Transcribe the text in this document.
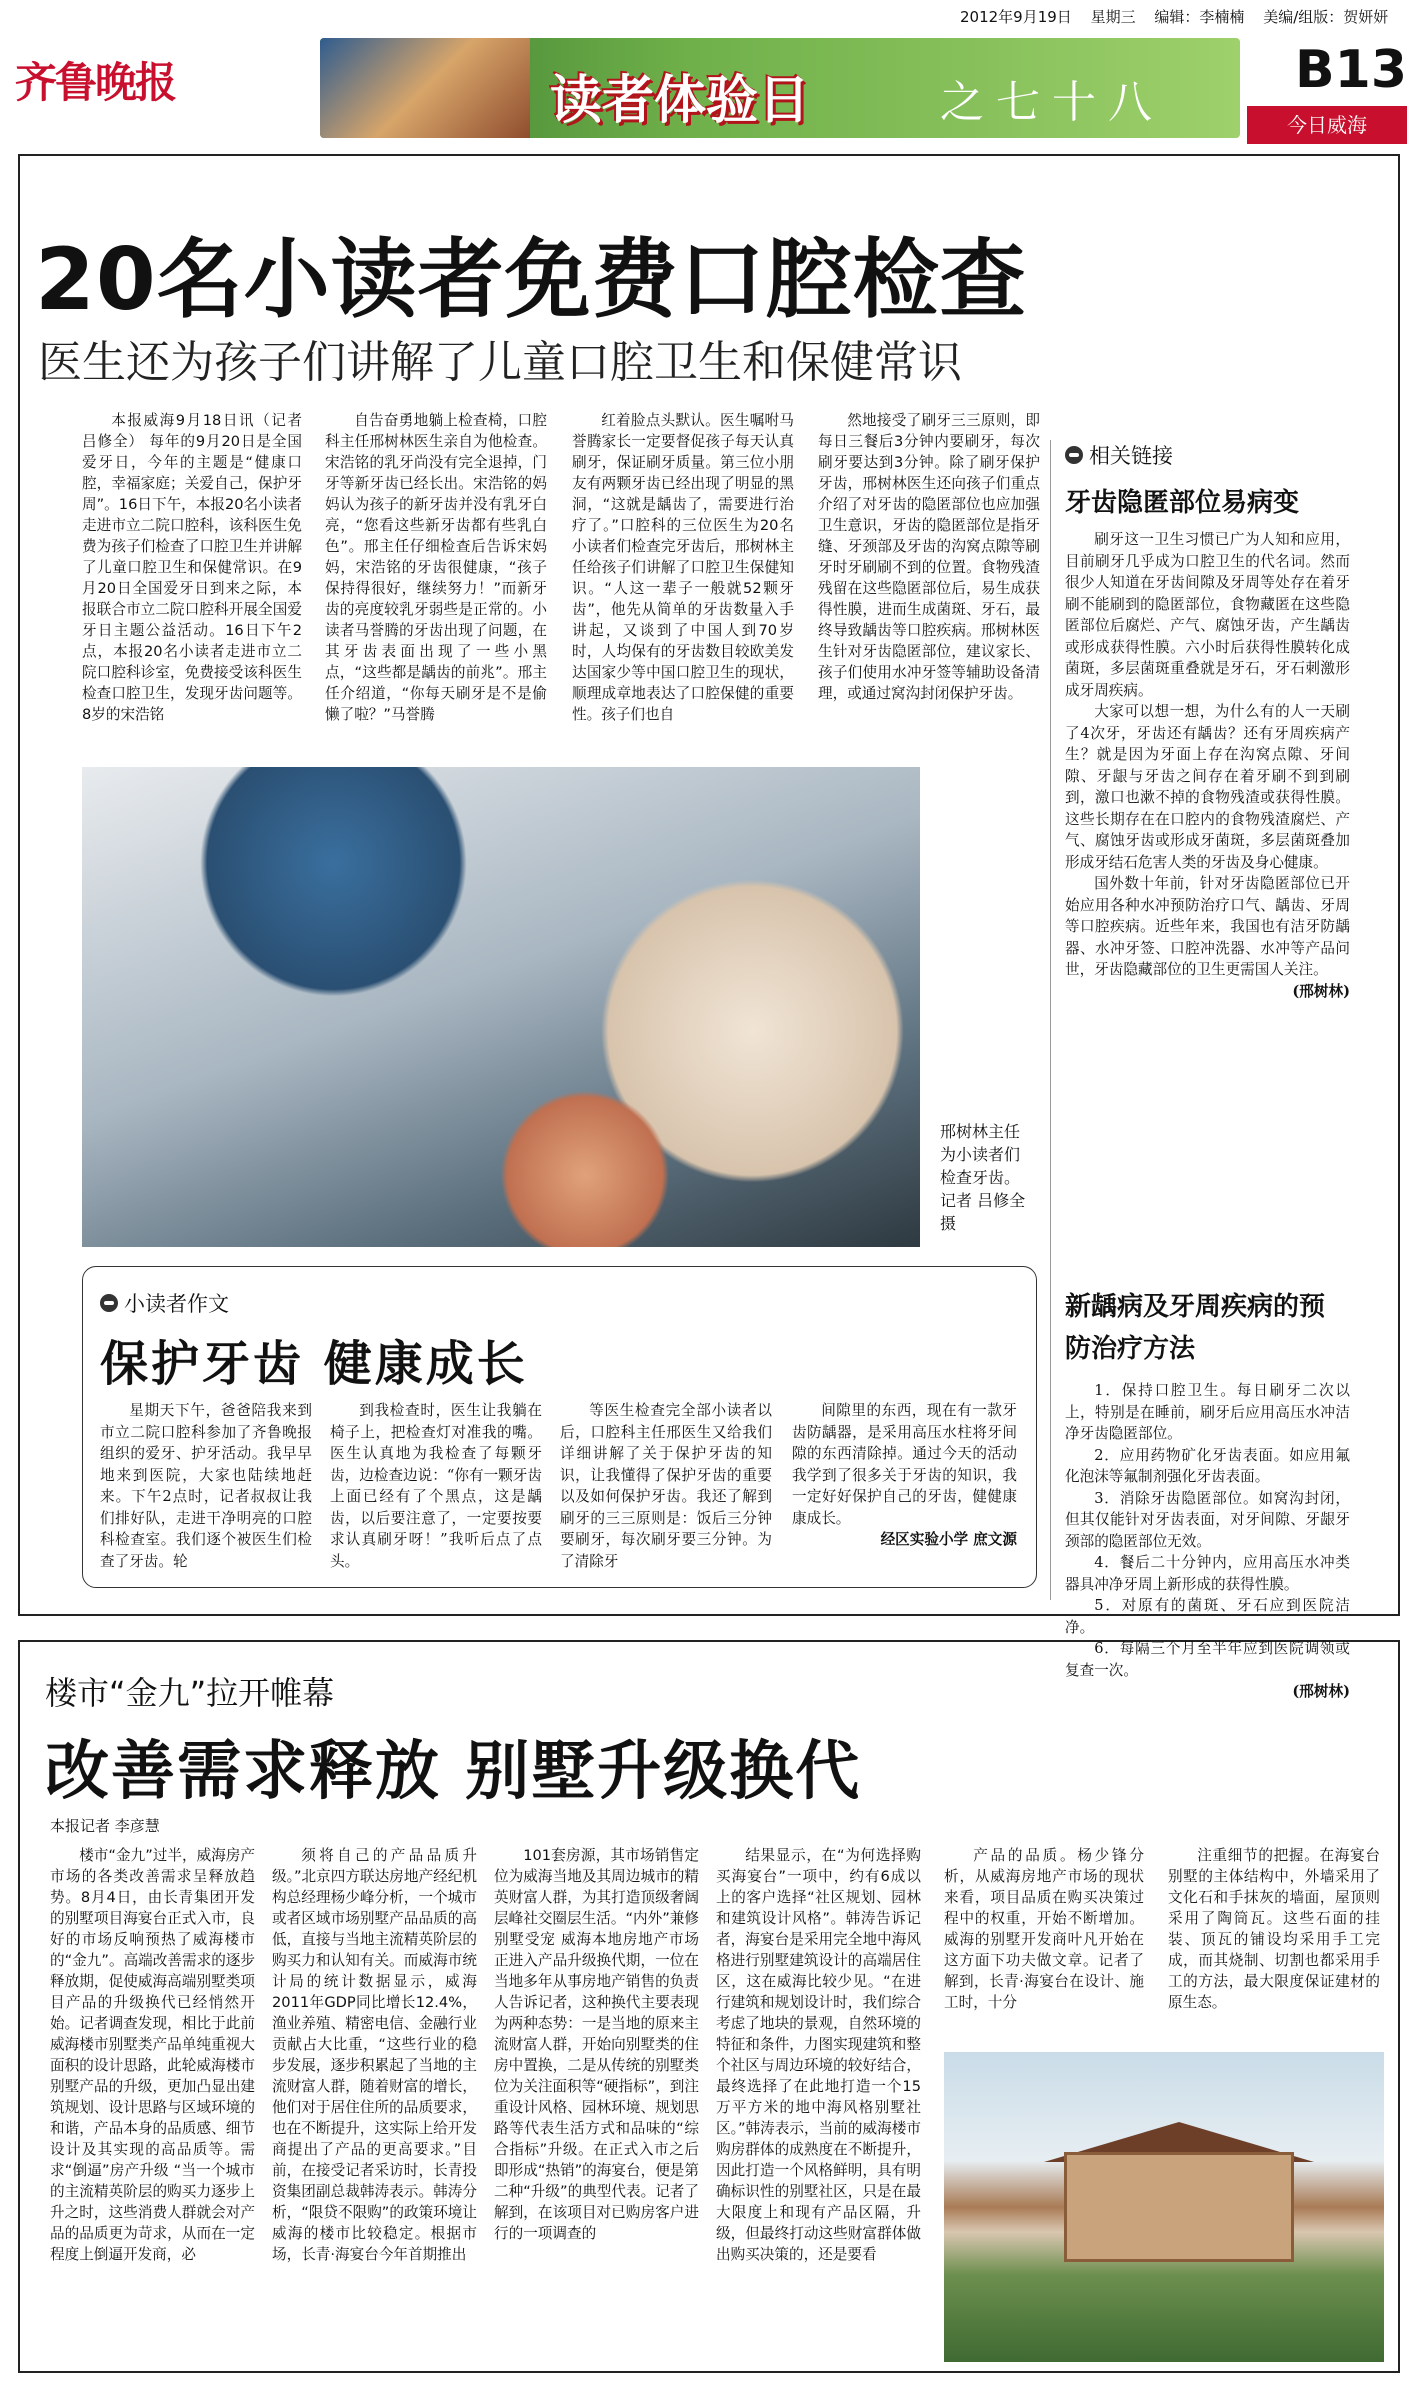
2012年9月19日 星期三 编辑：李楠楠 美编/组版：贺妍妍
齐鲁晚报	读者体验日	之七十八
B13
今日威海
20名小读者免费口腔检查
医生还为孩子们讲解了儿童口腔卫生和保健常识

本报威海9月18日讯（记者 吕修全） 每年的9月20日是全国爱牙日，今年的主题是“健康口腔，幸福家庭；关爱自己，保护牙周”。16日下午，本报20名小读者走进市立二院口腔科，该科医生免费为孩子们检查了口腔卫生并讲解了儿童口腔卫生和保健常识。在9月20日全国爱牙日到来之际，本报联合市立二院口腔科开展全国爱牙日主题公益活动。16日下午2点，本报20名小读者走进市立二院口腔科诊室，免费接受该科医生检查口腔卫生，发现牙齿问题等。8岁的宋浩铭

自告奋勇地躺上检查椅，口腔科主任邢树林医生亲自为他检查。宋浩铭的乳牙尚没有完全退掉，门牙等新牙齿已经长出。宋浩铭的妈妈认为孩子的新牙齿并没有乳牙白亮，“您看这些新牙齿都有些乳白色”。邢主任仔细检查后告诉宋妈妈，宋浩铭的牙齿很健康，“孩子保持得很好，继续努力！”而新牙齿的亮度较乳牙弱些是正常的。小读者马誉腾的牙齿出现了问题，在其牙齿表面出现了一些小黑点，“这些都是龋齿的前兆”。邢主任介绍道，“你每天刷牙是不是偷懒了啦？”马誉腾

红着脸点头默认。医生嘱咐马誉腾家长一定要督促孩子每天认真刷牙，保证刷牙质量。第三位小朋友有两颗牙齿已经出现了明显的黑洞，“这就是龋齿了，需要进行治疗了。”口腔科的三位医生为20名小读者们检查完牙齿后，邢树林主任给孩子们讲解了口腔卫生保健知识。“人这一辈子一般就52颗牙齿”，他先从简单的牙齿数量入手讲起，又谈到了中国人到70岁时，人均保有的牙齿数目较欧美发达国家少等中国口腔卫生的现状，顺理成章地表达了口腔保健的重要性。孩子们也自

然地接受了刷牙三三原则，即每日三餐后3分钟内要刷牙，每次刷牙要达到3分钟。除了刷牙保护牙齿，邢树林医生还向孩子们重点介绍了对牙齿的隐匿部位也应加强卫生意识，牙齿的隐匿部位是指牙缝、牙颈部及牙齿的沟窝点隙等刷牙时牙刷刷不到的位置。食物残渣残留在这些隐匿部位后，易生成获得性膜，进而生成菌斑、牙石，最终导致龋齿等口腔疾病。邢树林医生针对牙齿隐匿部位，建议家长、孩子们使用水冲牙签等辅助设备清理，或通过窝沟封闭保护牙齿。

邢树林主任为小读者们检查牙齿。记者 吕修全 摄
相关链接
牙齿隐匿部位易病变

刷牙这一卫生习惯已广为人知和应用，目前刷牙几乎成为口腔卫生的代名词。然而很少人知道在牙齿间隙及牙周等处存在着牙刷不能刷到的隐匿部位，食物藏匿在这些隐匿部位后腐烂、产气、腐蚀牙齿，产生龋齿或形成获得性膜。六小时后获得性膜转化成菌斑，多层菌斑重叠就是牙石，牙石刺激形成牙周疾病。

大家可以想一想，为什么有的人一天刷了4次牙，牙齿还有龋齿？还有牙周疾病产生？就是因为牙面上存在沟窝点隙、牙间隙、牙龈与牙齿之间存在着牙刷不到到刷到，激口也漱不掉的食物残渣或获得性膜。这些长期存在在口腔内的食物残渣腐烂、产气、腐蚀牙齿或形成牙菌斑，多层菌斑叠加形成牙结石危害人类的牙齿及身心健康。

国外数十年前，针对牙齿隐匿部位已开始应用各种水冲预防治疗口气、龋齿、牙周等口腔疾病。近些年来，我国也有洁牙防龋器、水冲牙签、口腔冲洗器、水冲等产品问世，牙齿隐藏部位的卫生更需国人关注。

(邢树林)
新龋病及牙周疾病的预防治疗方法

1．保持口腔卫生。每日刷牙二次以上，特别是在睡前，刷牙后应用高压水冲洁净牙齿隐匿部位。

2．应用药物矿化牙齿表面。如应用氟化泡沫等氟制剂强化牙齿表面。

3．消除牙齿隐匿部位。如窝沟封闭，但其仅能针对牙齿表面，对牙间隙、牙龈牙颈部的隐匿部位无效。

4．餐后二十分钟内，应用高压水冲类器具冲净牙周上新形成的获得性膜。

5．对原有的菌斑、牙石应到医院洁净。

6．每隔三个月至半年应到医院调领或复查一次。

(邢树林)
小读者作文
保护牙齿 健康成长

星期天下午，爸爸陪我来到市立二院口腔科参加了齐鲁晚报组织的爱牙、护牙活动。我早早地来到医院，大家也陆续地赶来。下午2点时，记者叔叔让我们排好队，走进干净明亮的口腔科检查室。我们逐个被医生们检查了牙齿。轮

到我检查时，医生让我躺在椅子上，把检查灯对准我的嘴。医生认真地为我检查了每颗牙齿，边检查边说：“你有一颗牙齿上面已经有了个黑点，这是龋齿，以后要注意了，一定要按要求认真刷牙呀！”我听后点了点头。

等医生检查完全部小读者以后，口腔科主任邢医生又给我们详细讲解了关于保护牙齿的知识，让我懂得了保护牙齿的重要以及如何保护牙齿。我还了解到刷牙的三三原则是：饭后三分钟要刷牙，每次刷牙要三分钟。为了清除牙

间隙里的东西，现在有一款牙齿防龋器，是采用高压水柱将牙间隙的东西清除掉。通过今天的活动我学到了很多关于牙齿的知识，我一定好好保护自己的牙齿，健健康康成长。

经区实验小学 庶文源
楼市“金九”拉开帷幕
改善需求释放 别墅升级换代
本报记者 李彦慧

楼市“金九”过半，威海房产市场的各类改善需求呈释放趋势。8月4日，由长青集团开发的别墅项目海宴台正式入市，良好的市场反响预热了威海楼市的“金九”。高端改善需求的逐步释放期，促使威海高端别墅类项目产品的升级换代已经悄然开始。记者调查发现，相比于此前威海楼市别墅类产品单纯重视大面积的设计思路，此轮威海楼市别墅产品的升级，更加凸显出建筑规划、设计思路与区域环境的和谐，产品本身的品质感、细节设计及其实现的高品质等。需求“倒逼”房产升级 “当一个城市的主流精英阶层的购买力逐步上升之时，这些消费人群就会对产品的品质更为苛求，从而在一定程度上倒逼开发商，必

须将自己的产品品质升级。”北京四方联达房地产经纪机构总经理杨少峰分析，一个城市或者区域市场别墅产品品质的高低，直接与当地主流精英阶层的购买力和认知有关。而威海市统计局的统计数据显示，威海2011年GDP同比增长12.4%，渔业养殖、精密电信、金融行业贡献占大比重，“这些行业的稳步发展，逐步积累起了当地的主流财富人群，随着财富的增长，他们对于居住住所的品质要求，也在不断提升，这实际上给开发商提出了产品的更高要求。”目前，在接受记者采访时，长青投资集团副总裁韩涛表示。韩涛分析，“限贷不限购”的政策环境让威海的楼市比较稳定。根据市场，长青·海宴台今年首期推出

101套房源，其市场销售定位为威海当地及其周边城市的精英财富人群，为其打造顶级奢阔层峰社交圈层生活。“内外”兼修别墅受宠 威海本地房地产市场正进入产品升级换代期，一位在当地多年从事房地产销售的负责人告诉记者，这种换代主要表现为两种态势：一是当地的原来主流财富人群，开始向别墅类的住房中置换，二是从传统的别墅类位为关注面积等“硬指标”，到注重设计风格、园林环境、规划思路等代表生活方式和品味的“综合指标”升级。在正式入市之后即形成“热销”的海宴台，便是第二种“升级”的典型代表。记者了解到，在该项目对已购房客户进行的一项调查的

结果显示，在“为何选择购买海宴台”一项中，约有6成以上的客户选择“社区规划、园林和建筑设计风格”。韩涛告诉记者，海宴台是采用完全地中海风格进行别墅建筑设计的高端居住区，这在威海比较少见。“在进行建筑和规划设计时，我们综合考虑了地块的景观，自然环境的特征和条件，力图实现建筑和整个社区与周边环境的较好结合，最终选择了在此地打造一个15万平方米的地中海风格别墅社区。”韩涛表示，当前的威海楼市购房群体的成熟度在不断提升，因此打造一个风格鲜明，具有明确标识性的别墅社区，只是在最大限度上和现有产品区隔，升级，但最终打动这些财富群体做出购买决策的，还是要看

产品的品质。杨少锋分析，从威海房地产市场的现状来看，项目品质在购买决策过程中的权重，开始不断增加。威海的别墅开发商叶凡开始在这方面下功夫做文章。记者了解到，长青·海宴台在设计、施工时，十分

注重细节的把握。在海宴台别墅的主体结构中，外墙采用了文化石和手抹灰的墙面，屋顶则采用了陶筒瓦。这些石面的挂装、顶瓦的铺设均采用手工完成，而其烧制、切割也都采用手工的方法，最大限度保证建材的原生态。
